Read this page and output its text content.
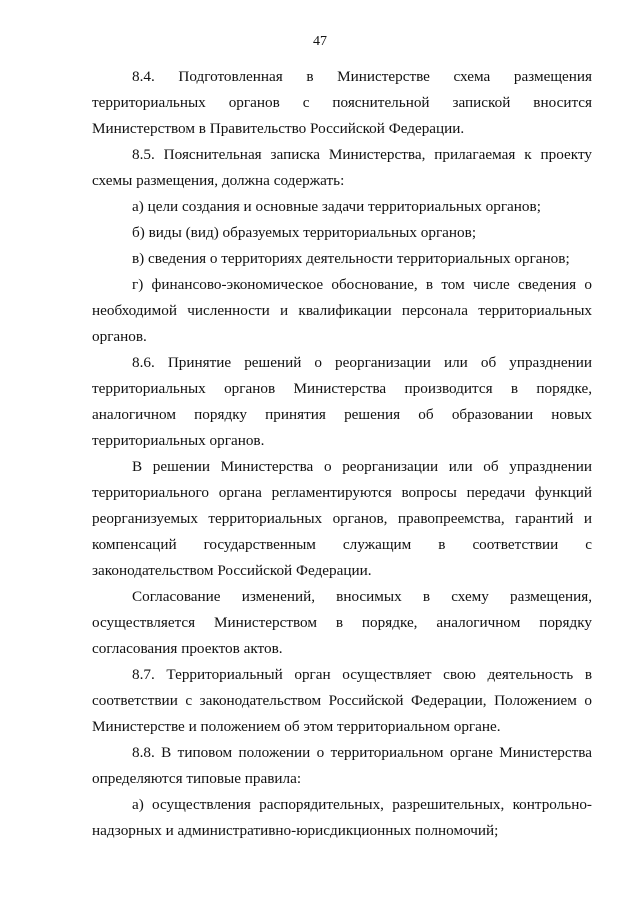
47

8.4. Подготовленная в Министерстве схема размещения территориальных органов с пояснительной запиской вносится Министерством в Правительство Российской Федерации.

8.5. Пояснительная записка Министерства, прилагаемая к проекту схемы размещения, должна содержать:

а) цели создания и основные задачи территориальных органов;

б) виды (вид) образуемых территориальных органов;

в) сведения о территориях деятельности территориальных органов;

г) финансово-экономическое обоснование, в том числе сведения о необходимой численности и квалификации персонала территориальных органов.

8.6. Принятие решений о реорганизации или об упразднении территориальных органов Министерства производится в порядке, аналогичном порядку принятия решения об образовании новых территориальных органов.

В решении Министерства о реорганизации или об упразднении территориального органа регламентируются вопросы передачи функций реорганизуемых территориальных органов, правопреемства, гарантий и компенсаций государственным служащим в соответствии с законодательством Российской Федерации.

Согласование изменений, вносимых в схему размещения, осуществляется Министерством в порядке, аналогичном порядку согласования проектов актов.

8.7. Территориальный орган осуществляет свою деятельность в соответствии с законодательством Российской Федерации, Положением о Министерстве и положением об этом территориальном органе.

8.8. В типовом положении о территориальном органе Министерства определяются типовые правила:

а) осуществления распорядительных, разрешительных, контрольно-надзорных и административно-юрисдикционных полномочий;
